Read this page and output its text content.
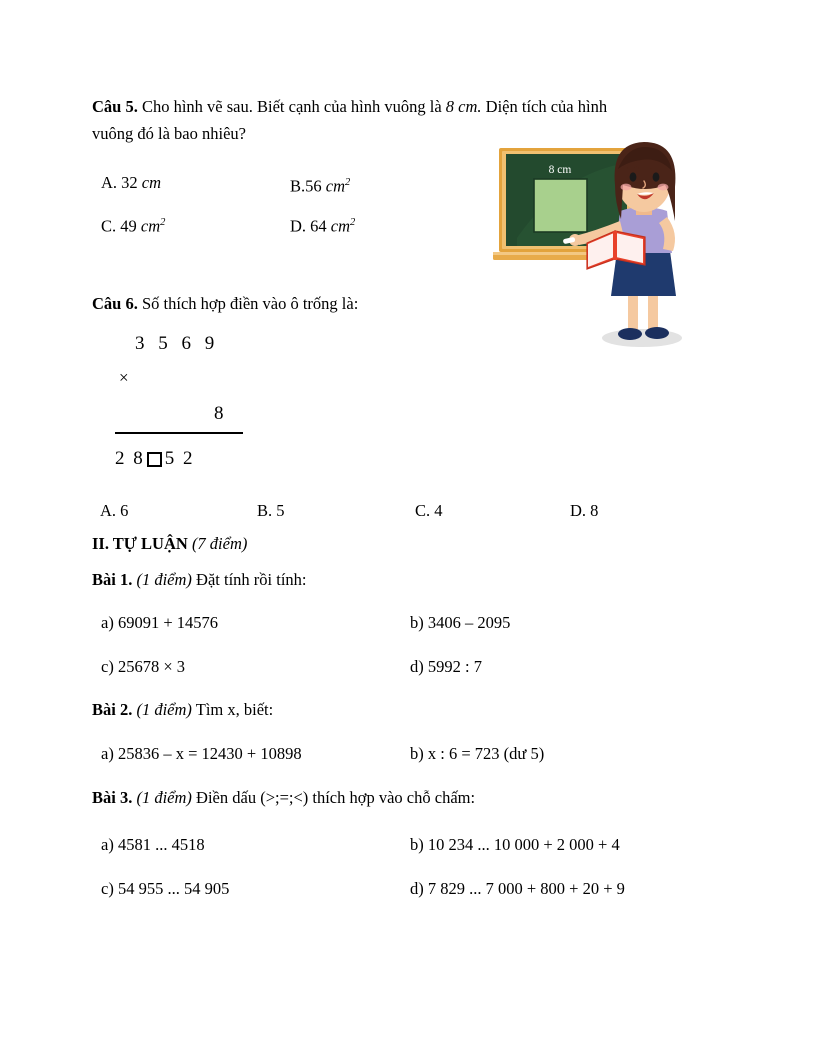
Câu 5. Cho hình vẽ sau. Biết cạnh của hình vuông là 8 cm. Diện tích của hình
vuông đó là bao nhiêu?
A. 32 cm	B.56 $cm^2$
C. 49 $cm^2$	D. 64 $cm^2$
8 cm
Câu 6. Số thích hợp điền vào ô trống là:
3 5 6 9
×
8
2 8 5 2
A. 6	B. 5	C. 4	D. 8
II. TỰ LUẬN (7 điểm)
Bài 1. (1 điểm) Đặt tính rồi tính:
a) 69091 + 14576	b) 3406 – 2095
c) 25678 × 3	d) 5992 : 7
Bài 2. (1 điểm) Tìm x, biết:
a) 25836 – x = 12430 + 10898	b) x : 6 = 723 (dư 5)
Bài 3. (1 điểm) Điền dấu (>;=;<) thích hợp vào chỗ chấm:
a) 4581 ... 4518	b) 10 234 ... 10 000 + 2 000 + 4
c) 54 955 ... 54 905	d) 7 829 ... 7 000 + 800 + 20 + 9
